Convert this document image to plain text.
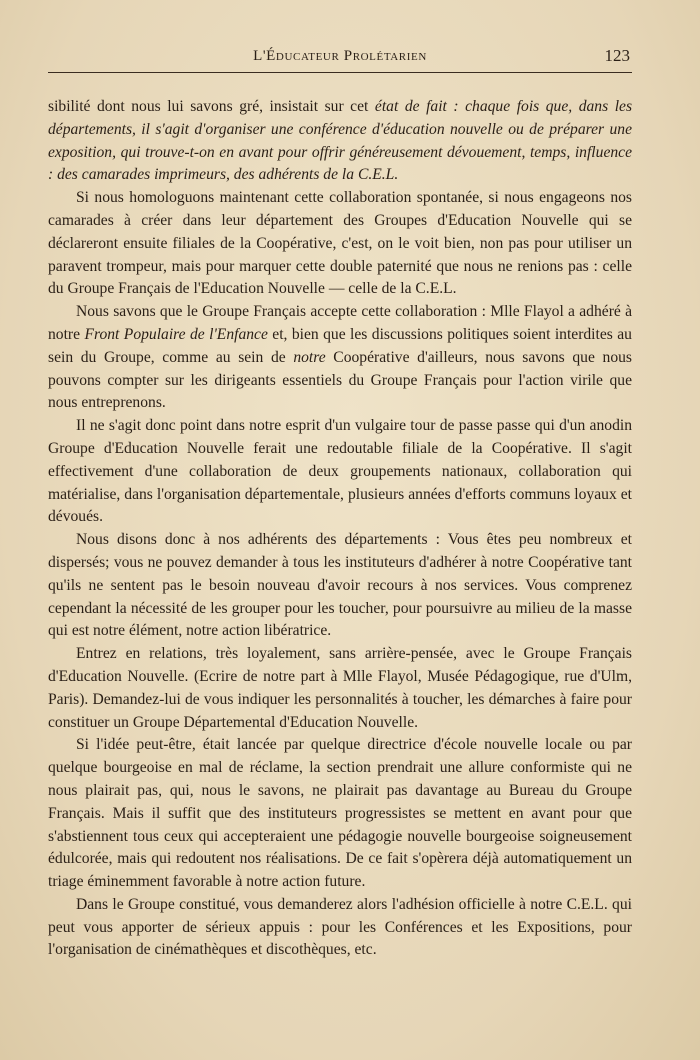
L'Éducateur Prolétarien	123

sibilité dont nous lui savons gré, insistait sur cet état de fait : chaque fois que, dans les départements, il s'agit d'organiser une conférence d'éducation nouvelle ou de préparer une exposition, qui trouve-t-on en avant pour offrir généreusement dévouement, temps, influence : des camarades imprimeurs, des adhérents de la C.E.L.

Si nous homologuons maintenant cette collaboration spontanée, si nous engageons nos camarades à créer dans leur département des Groupes d'Education Nouvelle qui se déclareront ensuite filiales de la Coopérative, c'est, on le voit bien, non pas pour utiliser un paravent trompeur, mais pour marquer cette double paternité que nous ne renions pas : celle du Groupe Français de l'Education Nouvelle — celle de la C.E.L.

Nous savons que le Groupe Français accepte cette collaboration : Mlle Flayol a adhéré à notre Front Populaire de l'Enfance et, bien que les discussions politiques soient interdites au sein du Groupe, comme au sein de notre Coopérative d'ailleurs, nous savons que nous pouvons compter sur les dirigeants essentiels du Groupe Français pour l'action virile que nous entreprenons.

Il ne s'agit donc point dans notre esprit d'un vulgaire tour de passe passe qui d'un anodin Groupe d'Education Nouvelle ferait une redoutable filiale de la Coopérative. Il s'agit effectivement d'une collaboration de deux groupements nationaux, collaboration qui matérialise, dans l'organisation départementale, plusieurs années d'efforts communs loyaux et dévoués.

Nous disons donc à nos adhérents des départements : Vous êtes peu nombreux et dispersés; vous ne pouvez demander à tous les instituteurs d'adhérer à notre Coopérative tant qu'ils ne sentent pas le besoin nouveau d'avoir recours à nos services. Vous comprenez cependant la nécessité de les grouper pour les toucher, pour poursuivre au milieu de la masse qui est notre élément, notre action libératrice.

Entrez en relations, très loyalement, sans arrière-pensée, avec le Groupe Français d'Education Nouvelle. (Ecrire de notre part à Mlle Flayol, Musée Pédagogique, rue d'Ulm, Paris). Demandez-lui de vous indiquer les personnalités à toucher, les démarches à faire pour constituer un Groupe Départemental d'Education Nouvelle.

Si l'idée peut-être, était lancée par quelque directrice d'école nouvelle locale ou par quelque bourgeoise en mal de réclame, la section prendrait une allure conformiste qui ne nous plairait pas, qui, nous le savons, ne plairait pas davantage au Bureau du Groupe Français. Mais il suffit que des instituteurs progressistes se mettent en avant pour que s'abstiennent tous ceux qui accepteraient une pédagogie nouvelle bourgeoise soigneusement édulcorée, mais qui redoutent nos réalisations. De ce fait s'opèrera déjà automatiquement un triage éminemment favorable à notre action future.

Dans le Groupe constitué, vous demanderez alors l'adhésion officielle à notre C.E.L. qui peut vous apporter de sérieux appuis : pour les Conférences et les Expositions, pour l'organisation de cinémathèques et discothèques, etc.
